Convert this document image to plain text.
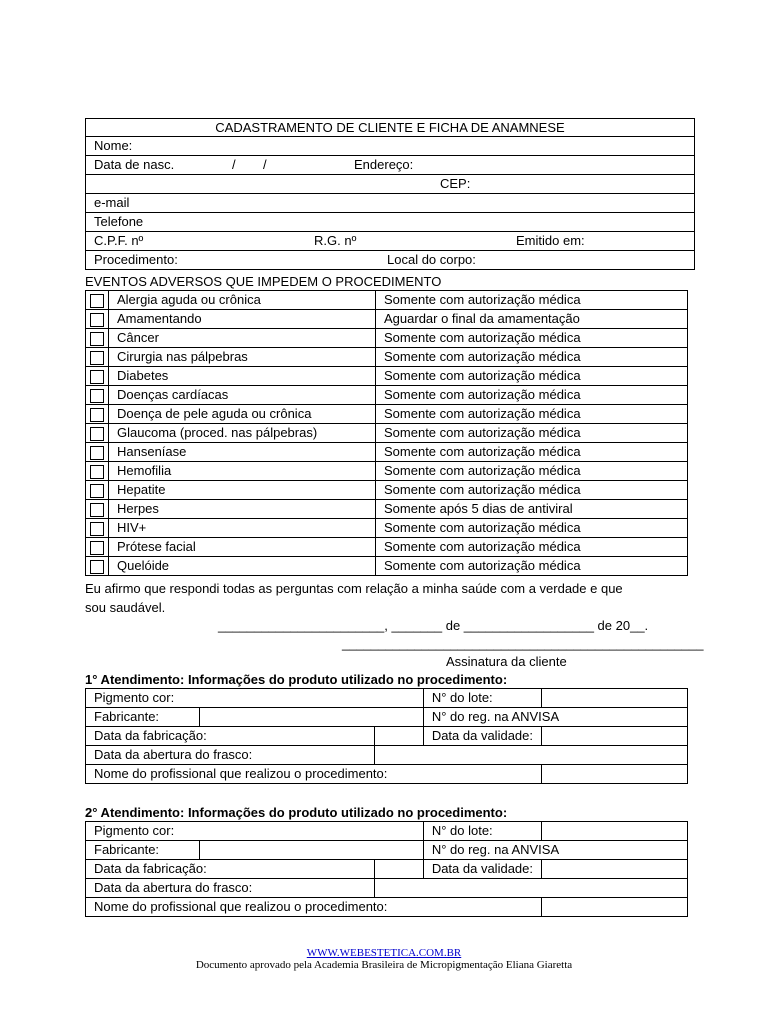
CADASTRAMENTO DE CLIENTE E FICHA DE ANAMNESE
Nome:
Data de nasc.	/ /	Endereço:
CEP:
e-mail
Telefone
C.P.F. nº	R.G. nº	Emitido em:
Procedimento:	Local do corpo:
EVENTOS ADVERSOS QUE IMPEDEM O PROCEDIMENTO
	Alergia aguda ou crônica	Somente com autorização médica
	Amamentando	Aguardar o final da amamentação
	Câncer	Somente com autorização médica
	Cirurgia nas pálpebras	Somente com autorização médica
	Diabetes	Somente com autorização médica
	Doenças cardíacas	Somente com autorização médica
	Doença de pele aguda ou crônica	Somente com autorização médica
	Glaucoma (proced. nas pálpebras)	Somente com autorização médica
	Hanseníase	Somente com autorização médica
	Hemofilia	Somente com autorização médica
	Hepatite	Somente com autorização médica
	Herpes	Somente após 5 dias de antiviral
	HIV+	Somente com autorização médica
	Prótese facial	Somente com autorização médica
	Quelóide	Somente com autorização médica
Eu afirmo que respondi todas as perguntas com relação a minha saúde com a verdade e que
sou saudável.
_______________________, _______ de __________________ de 20__.
__________________________________________________
Assinatura da cliente
1° Atendimento: Informações do produto utilizado no procedimento:
Pigmento cor:			N° do lote:	
Fabricante:			N° do reg. na ANVISA	
Data da fabricação:			Data da validade:	
Data da abertura do frasco:				
Nome do profissional que realizou o procedimento:				
2° Atendimento: Informações do produto utilizado no procedimento:
Pigmento cor:			N° do lote:	
Fabricante:			N° do reg. na ANVISA	
Data da fabricação:			Data da validade:	
Data da abertura do frasco:				
Nome do profissional que realizou o procedimento:				
WWW.WEBESTETICA.COM.BR
Documento aprovado pela Academia Brasileira de Micropigmentação Eliana Giaretta
